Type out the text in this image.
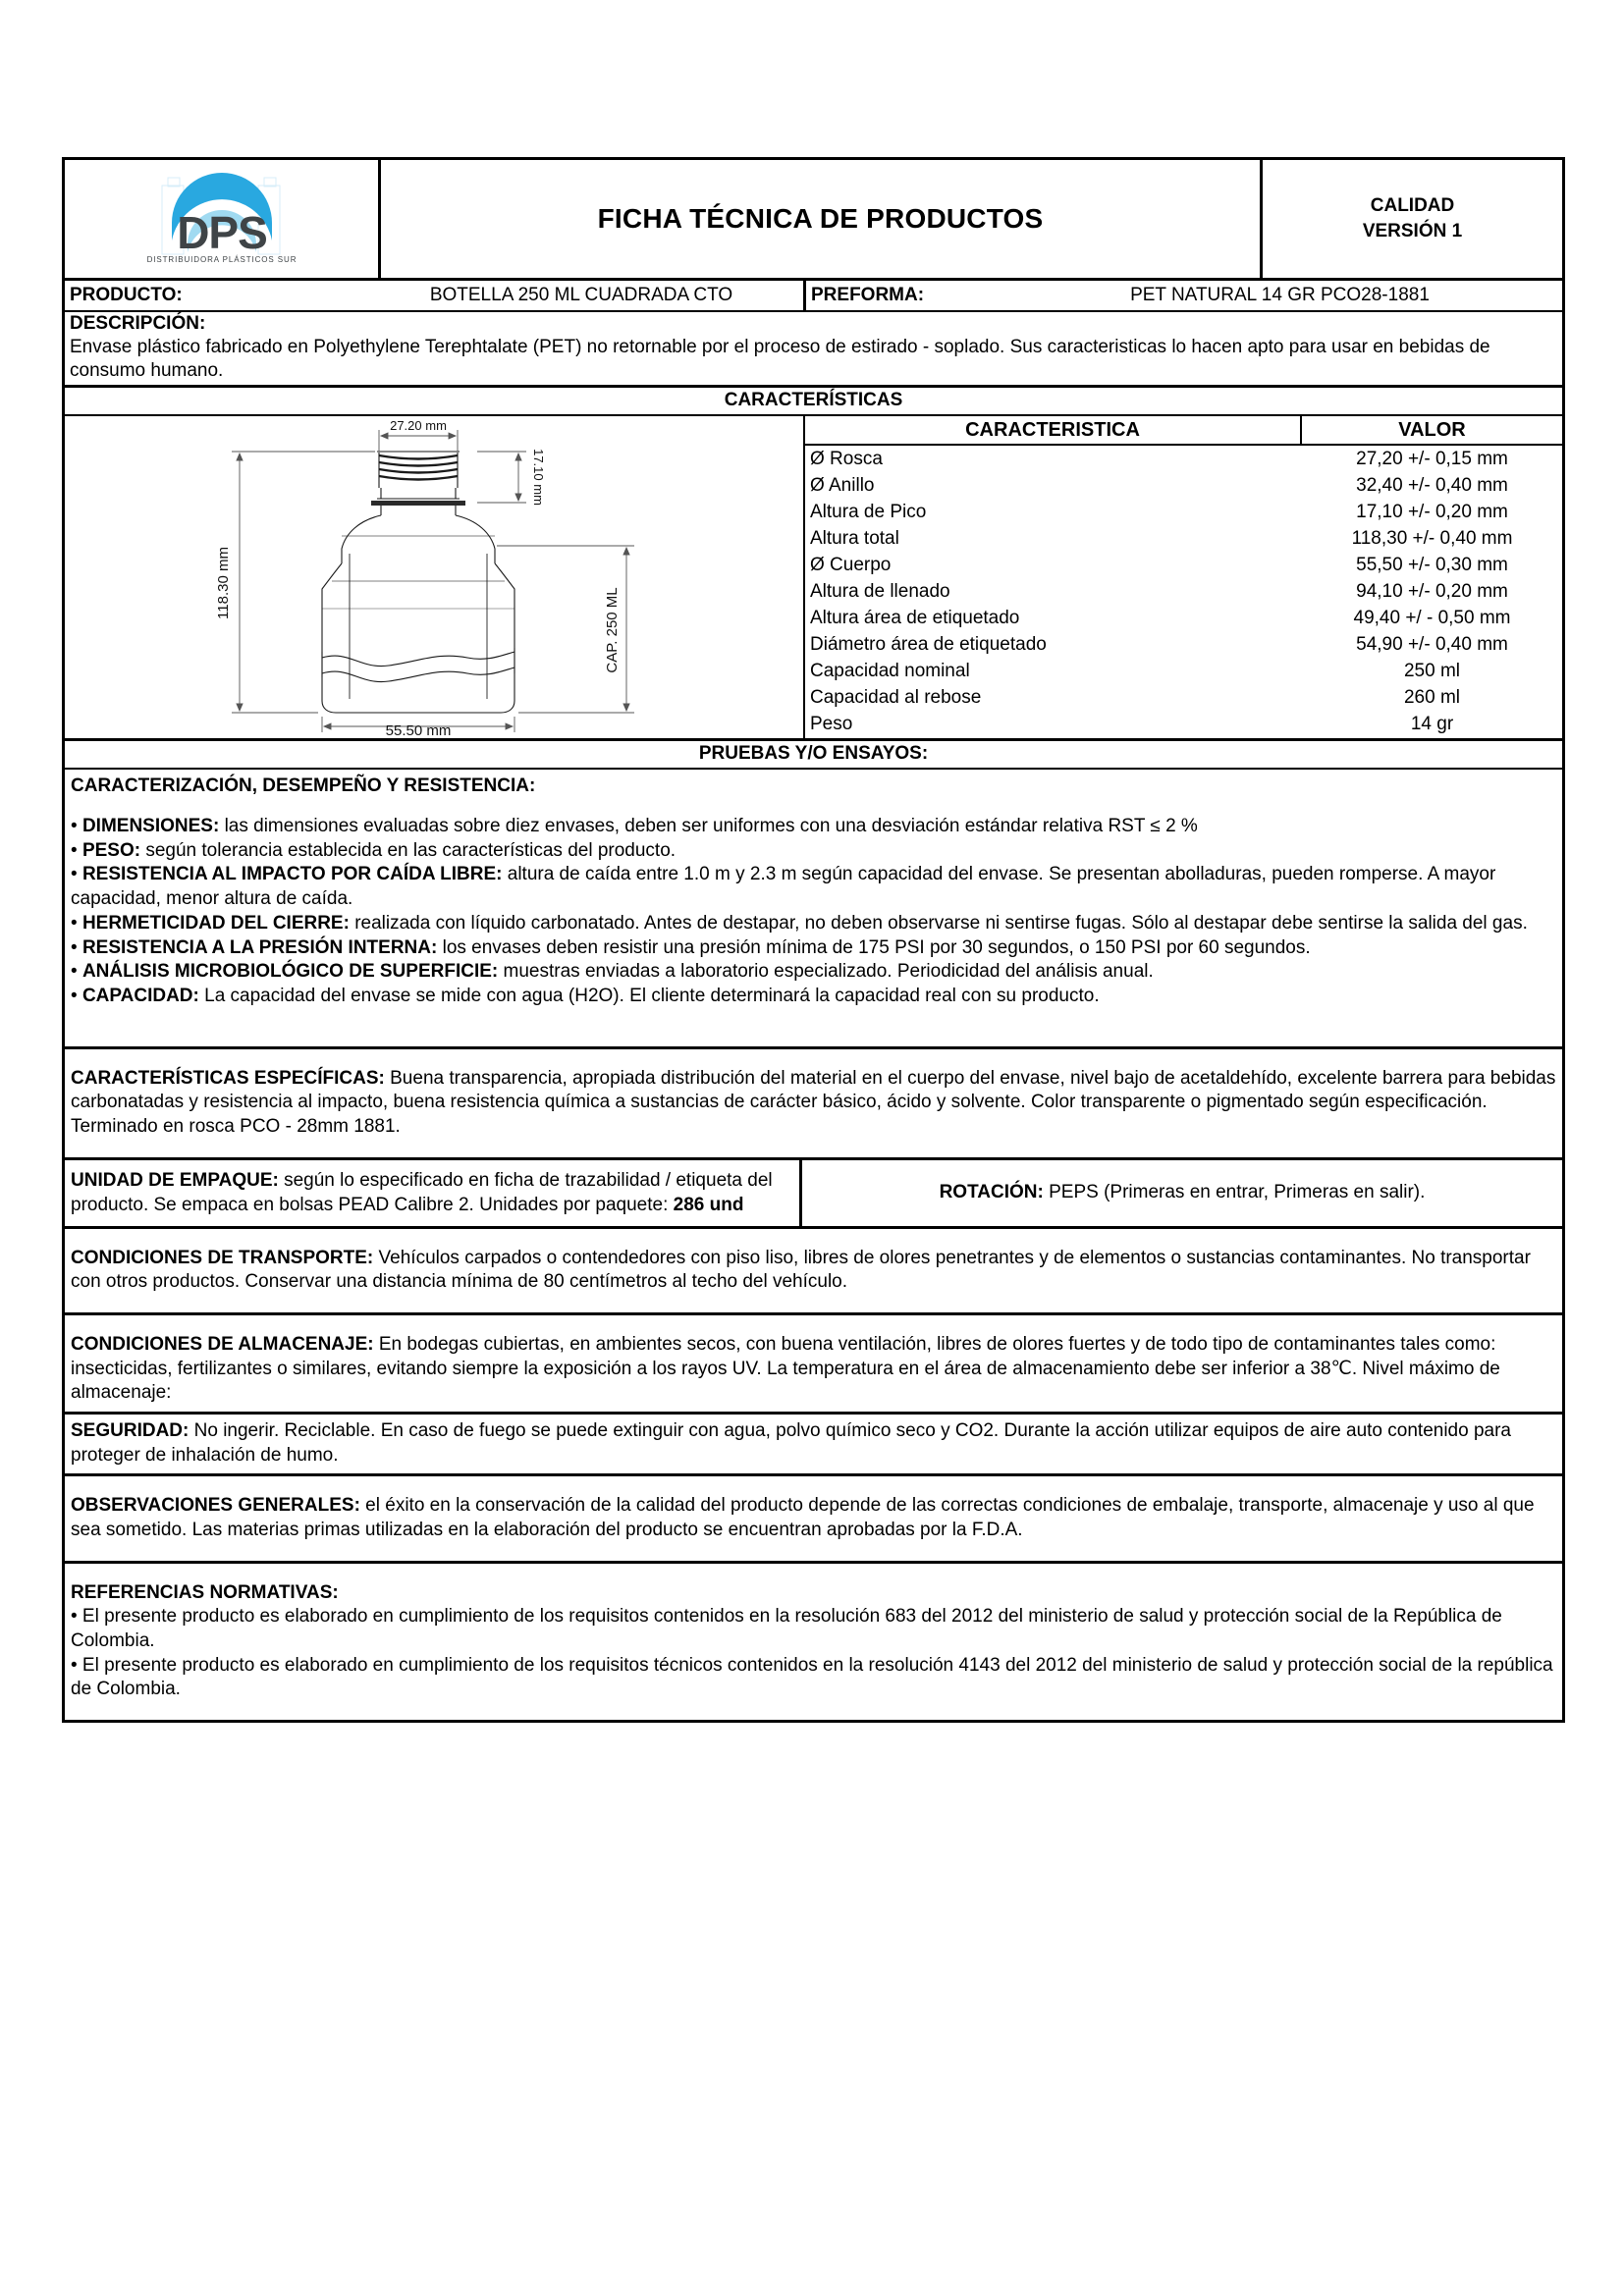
DPS
DISTRIBUIDORA PLÁSTICOS SUR
FICHA TÉCNICA DE PRODUCTOS	CALIDAD
VERSIÓN 1
PRODUCTO:	BOTELLA 250 ML CUADRADA CTO	PREFORMA:	PET NATURAL 14 GR PCO28-1881
DESCRIPCIÓN:
Envase plástico fabricado en Polyethylene Terephtalate (PET) no retornable por el proceso de estirado - soplado. Sus caracteristicas lo hacen apto para usar en bebidas de consumo humano.
CARACTERÍSTICAS
27.20 mm
17.10 mm
118.30 mm
CAP. 250 ML
55.50 mm
CARACTERISTICA	VALOR
Ø Rosca	27,20 +/- 0,15 mm
Ø Anillo	32,40 +/- 0,40 mm
Altura de Pico	17,10 +/- 0,20 mm
Altura total	118,30 +/- 0,40 mm
Ø Cuerpo	55,50 +/- 0,30 mm
Altura de llenado	94,10 +/- 0,20 mm
Altura área de etiquetado	49,40 +/ - 0,50 mm
Diámetro área de etiquetado	54,90 +/- 0,40 mm
Capacidad nominal	250 ml
Capacidad al rebose	260 ml
Peso	14 gr
PRUEBAS Y/O ENSAYOS:
CARACTERIZACIÓN, DESEMPEÑO Y RESISTENCIA:

• DIMENSIONES: las dimensiones evaluadas sobre diez envases, deben ser uniformes con una desviación estándar relativa RST ≤ 2 %

• PESO: según tolerancia establecida en las características del producto.

• RESISTENCIA AL IMPACTO POR CAÍDA LIBRE: altura de caída entre 1.0 m y 2.3 m según capacidad del envase. Se presentan abolladuras, pueden romperse. A mayor capacidad, menor altura de caída.

• HERMETICIDAD DEL CIERRE: realizada con líquido carbonatado. Antes de destapar, no deben observarse ni sentirse fugas. Sólo al destapar debe sentirse la salida del gas.

• RESISTENCIA A LA PRESIÓN INTERNA: los envases deben resistir una presión mínima de 175 PSI por 30 segundos, o 150 PSI por 60 segundos.

• ANÁLISIS MICROBIOLÓGICO DE SUPERFICIE: muestras enviadas a laboratorio especializado. Periodicidad del análisis anual.

• CAPACIDAD: La capacidad del envase se mide con agua (H2O). El cliente determinará la capacidad real con su producto.

CARACTERÍSTICAS ESPECÍFICAS: Buena transparencia, apropiada distribución del material en el cuerpo del envase, nivel bajo de acetaldehído, excelente barrera para bebidas carbonatadas y resistencia al impacto, buena resistencia química a sustancias de carácter básico, ácido y solvente. Color transparente o pigmentado según especificación. Terminado en rosca PCO - 28mm 1881.

UNIDAD DE EMPAQUE: según lo especificado en ficha de trazabilidad / etiqueta del producto. Se empaca en bolsas PEAD Calibre 2. Unidades por paquete: 286 und
ROTACIÓN: PEPS (Primeras en entrar, Primeras en salir).
CONDICIONES DE TRANSPORTE: Vehículos carpados o contendedores con piso liso, libres de olores penetrantes y de elementos o sustancias contaminantes. No transportar con otros productos. Conservar una distancia mínima de 80 centímetros al techo del vehículo.
CONDICIONES DE ALMACENAJE: En bodegas cubiertas, en ambientes secos, con buena ventilación, libres de olores fuertes y de todo tipo de contaminantes tales como: insecticidas, fertilizantes o similares, evitando siempre la exposición a los rayos UV. La temperatura en el área de almacenamiento debe ser inferior a 38℃. Nivel máximo de almacenaje:
SEGURIDAD: No ingerir. Reciclable. En caso de fuego se puede extinguir con agua, polvo químico seco y CO2. Durante la acción utilizar equipos de aire auto contenido para proteger de inhalación de humo.
OBSERVACIONES GENERALES: el éxito en la conservación de la calidad del producto depende de las correctas condiciones de embalaje, transporte, almacenaje y uso al que sea sometido. Las materias primas utilizadas en la elaboración del producto se encuentran aprobadas por la F.D.A.
REFERENCIAS NORMATIVAS:

• El presente producto es elaborado en cumplimiento de los requisitos contenidos en la resolución 683 del 2012 del ministerio de salud y protección social de la República de Colombia.

• El presente producto es elaborado en cumplimiento de los requisitos técnicos contenidos en la resolución 4143 del 2012 del ministerio de salud y protección social de la república de Colombia.
